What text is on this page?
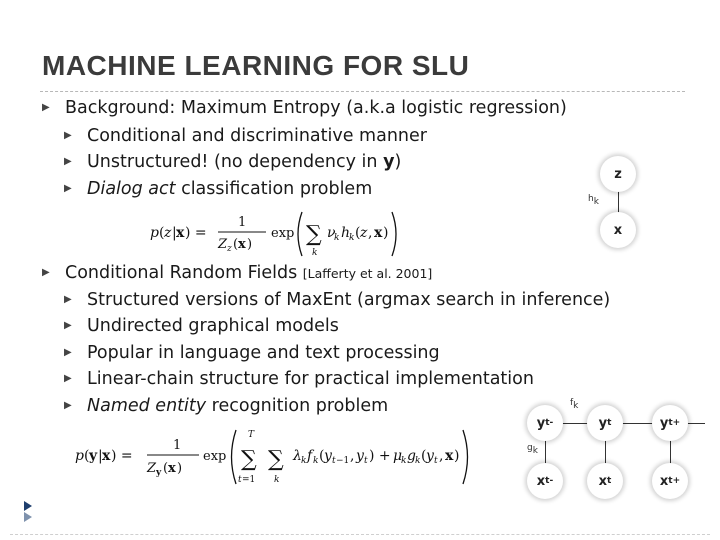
MACHINE LEARNING FOR SLU
▶ Background: Maximum Entropy (a.k.a logistic regression)
▶ Conditional and discriminative manner
▶ Unstructured! (no dependency in y)
▶ Dialog act classification problem
p ( z | x ) =
1
Z z ( x )
exp ∑
k
ν
k h
k ( z , x )
z
x
$h_k$
▶ Conditional Random Fields [Lafferty et al. 2001]
▶ Structured versions of MaxEnt (argmax search in inference)
▶ Undirected graphical models
▶ Popular in language and text processing
▶ Linear-chain structure for practical implementation
▶ Named entity recognition problem
p ( y | x ) =
1
Z y ( x )
exp
T
∑
t =1
∑
k
λ k f k ( y t −1 , y t ) + μ
k g k ( y t , x )
y t-	y t	y t+
x t-	x t	x t+
$f_k$
$g_k$
